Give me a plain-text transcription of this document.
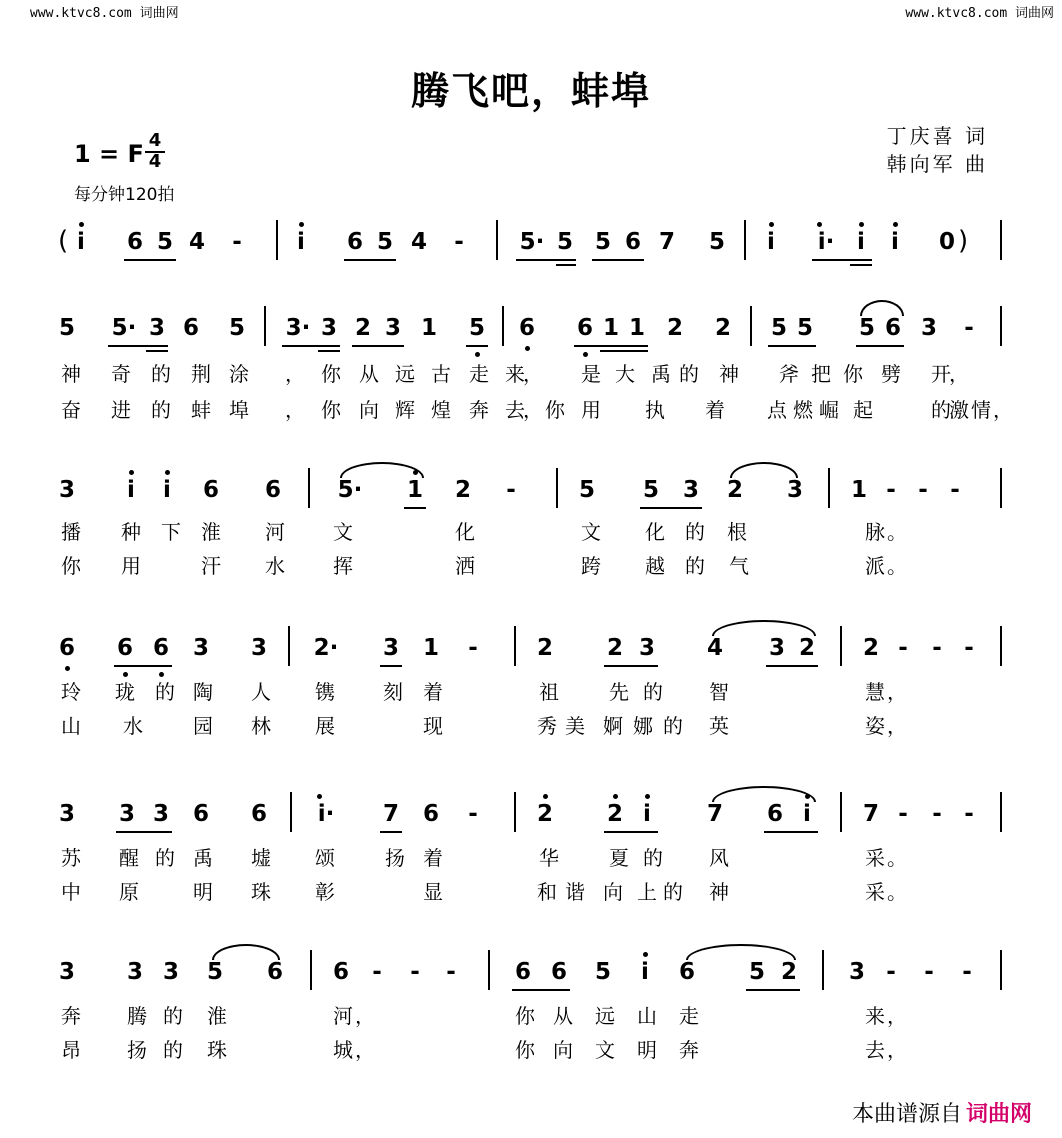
www.ktvc8.com 词曲网	www.ktvc8.com 词曲网
腾飞吧，蚌埠
丁庆喜 词
韩向军 曲
1 = F 4
4
每分钟120拍
( i	6 5 4 -	i	6 5 4 - 5· 5 5 6 7 5	i	i· i	i	0 )
5 5· 3 6 5 3· 3 2 3 1 5 6 6 1 1 2 2 5 5 5 6 3 -
神 奇 的 荆 涂 ， 你 从 远 古 走 来
， 是 大 禹 的 神 斧 把 你 劈 开
，
奋 进 的 蚌 埠 ， 你 向 辉 煌 奔 去
， 你 用 执 着 点 燃 崛 起	的
激 情 ，
3	i	i	6 6 5· 1 2 -	5 5 3 2 3 1 - - -
播 种 下 淮 河 文	化	文 化 的 根	脉 。
你 用	汗 水 挥	洒	跨 越 的 气	派 。
6 6 6 3 3 2· 3 1 -	2 2 3 4 3 2 2 - - -
玲 珑 的 陶 人 镌 刻 着	祖	先 的 智	慧 ，
山 水	园 林 展	现	秀 美 婀 娜 的 英	姿 ，
3 3 3 6 6	i·	7 6 -	2 2 i	7 6 i	7 - - -
苏 醒 的 禹 墟 颂	扬 着	华	夏 的 风	采 。
中 原	明 珠 彰	显	和 谐 向 上 的 神	采 。
3 3 3 5 6 6 - - -	6 6 5	i	6 5 2 3 - - -
奔 腾 的 淮	河 ，	你 从 远 山 走	来 ，
昂 扬 的 珠	城 ，	你 向 文 明 奔	去 ，
本曲谱源自 词曲网
